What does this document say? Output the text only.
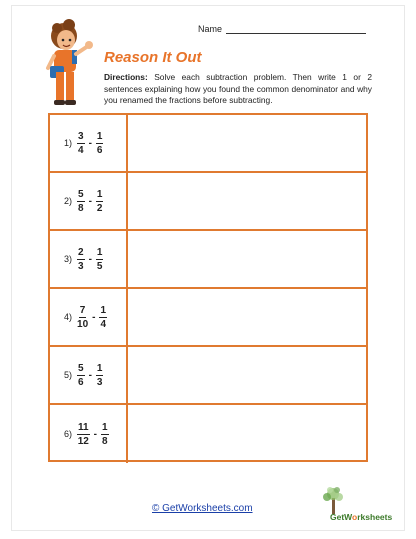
Name
Reason It Out
Directions: Solve each subtraction problem. Then write 1 or 2 sentences explaining how you found the common denominator and why you renamed the fractions before subtracting.
$1) \frac{3}{4} - \frac{1}{6}$
$2) \frac{5}{8} - \frac{1}{2}$
$3) \frac{2}{3} - \frac{1}{5}$
$4) \frac{7}{10} - \frac{1}{4}$
$5) \frac{5}{6} - \frac{1}{3}$
$6) \frac{11}{12} - \frac{1}{8}$
© GetWorksheets.com
GetWorksheets
